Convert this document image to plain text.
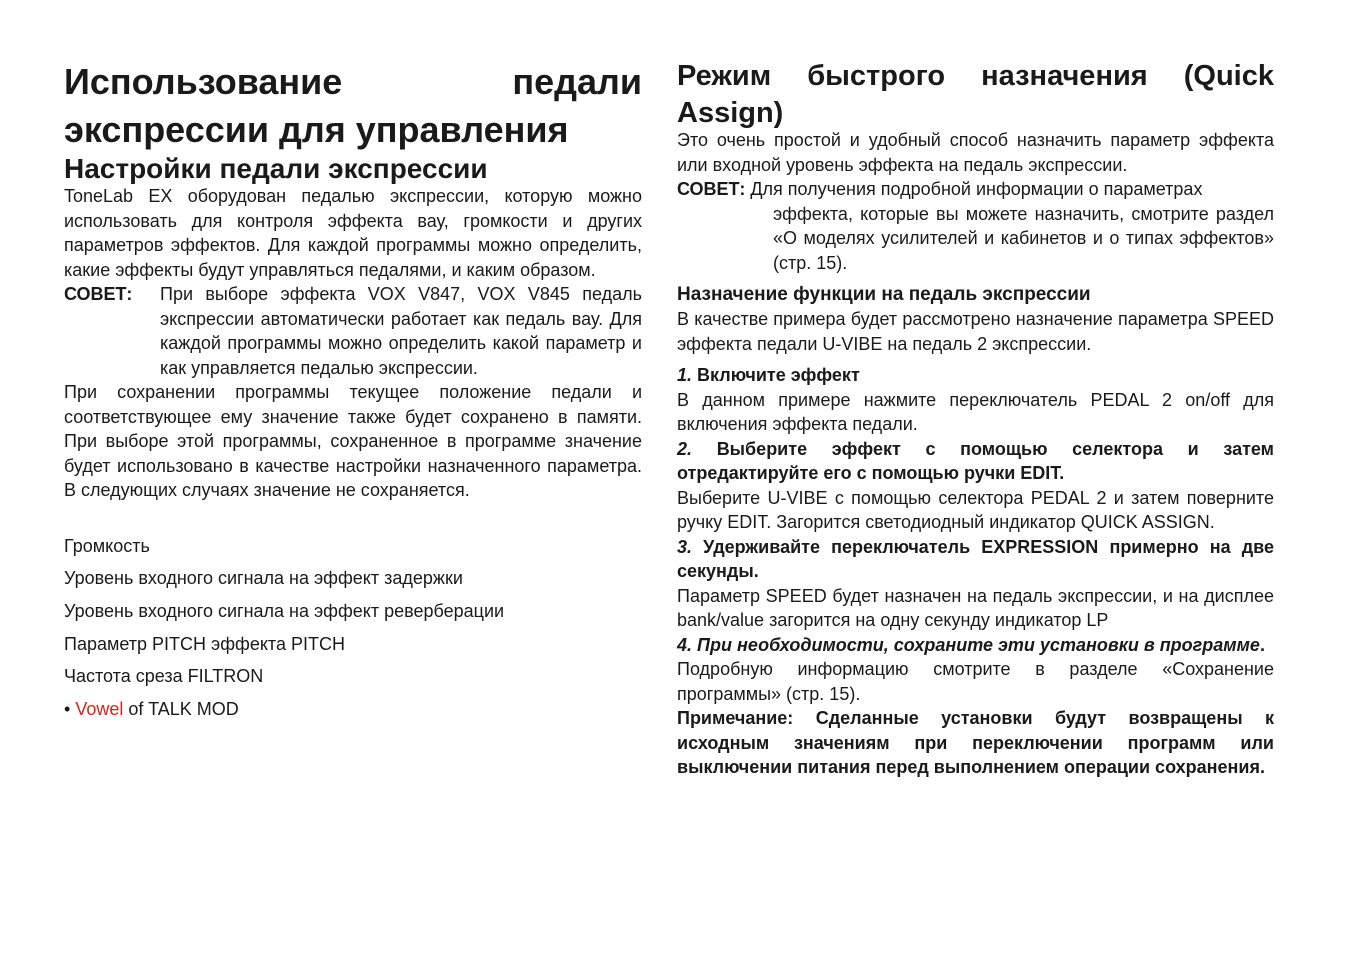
Использование	педали
экспрессии для управления
Настройки педали экспрессии

ToneLab EX оборудован педалью экспрессии, которую можно использовать для контроля эффекта вау, громкости и других параметров эффектов. Для каждой программы можно определить, какие эффекты будут управляться педалями, и каким образом.

СОВЕТ: При выборе эффекта VOX V847, VOX V845 педаль экспрессии автоматически работает как педаль вау. Для каждой программы можно определить какой параметр и как управляется педалью экспрессии.

При сохранении программы текущее положение педали и соответствующее ему значение также будет сохранено в памяти. При выборе этой программы, сохраненное в программе значение будет использовано в качестве настройки назначенного параметра. В следующих случаях значение не сохраняется.

Громкость
Уровень входного сигнала на эффект задержки
Уровень входного сигнала на эффект реверберации
Параметр PITCH эффекта PITCH
Частота среза FILTRON
• Vowel of TALK MOD
Режим быстрого назначения (Quick Assign)

Это очень простой и удобный способ назначить параметр эффекта или входной уровень эффекта на педаль экспрессии.

СОВЕТ: Для получения подробной информации о параметрах

эффекта, которые вы можете назначить, смотрите раздел «О моделях усилителей и кабинетов и о типах эффектов» (стр. 15).

Назначение функции на педаль экспрессии

В качестве примера будет рассмотрено назначение параметра SPEED эффекта педали U-VIBE на педаль 2 экспрессии.

1. Включите эффект

В данном примере нажмите переключатель PEDAL 2 on/off для включения эффекта педали.

2. Выберите эффект с помощью селектора и затем отредактируйте его с помощью ручки EDIT.

Выберите U-VIBE с помощью селектора PEDAL 2 и затем поверните ручку EDIT. Загорится светодиодный индикатор QUICK ASSIGN.

3. Удерживайте переключатель EXPRESSION примерно на две секунды.

Параметр SPEED будет назначен на педаль экспрессии, и на дисплее bank/value загорится на одну секунду индикатор LP

4. При необходимости, сохраните эти установки в программе.

Подробную информацию смотрите в разделе «Сохранение программы» (стр. 15).

Примечание: Сделанные установки будут возвращены к исходным значениям при переключении программ или выключении питания перед выполнением операции сохранения.
